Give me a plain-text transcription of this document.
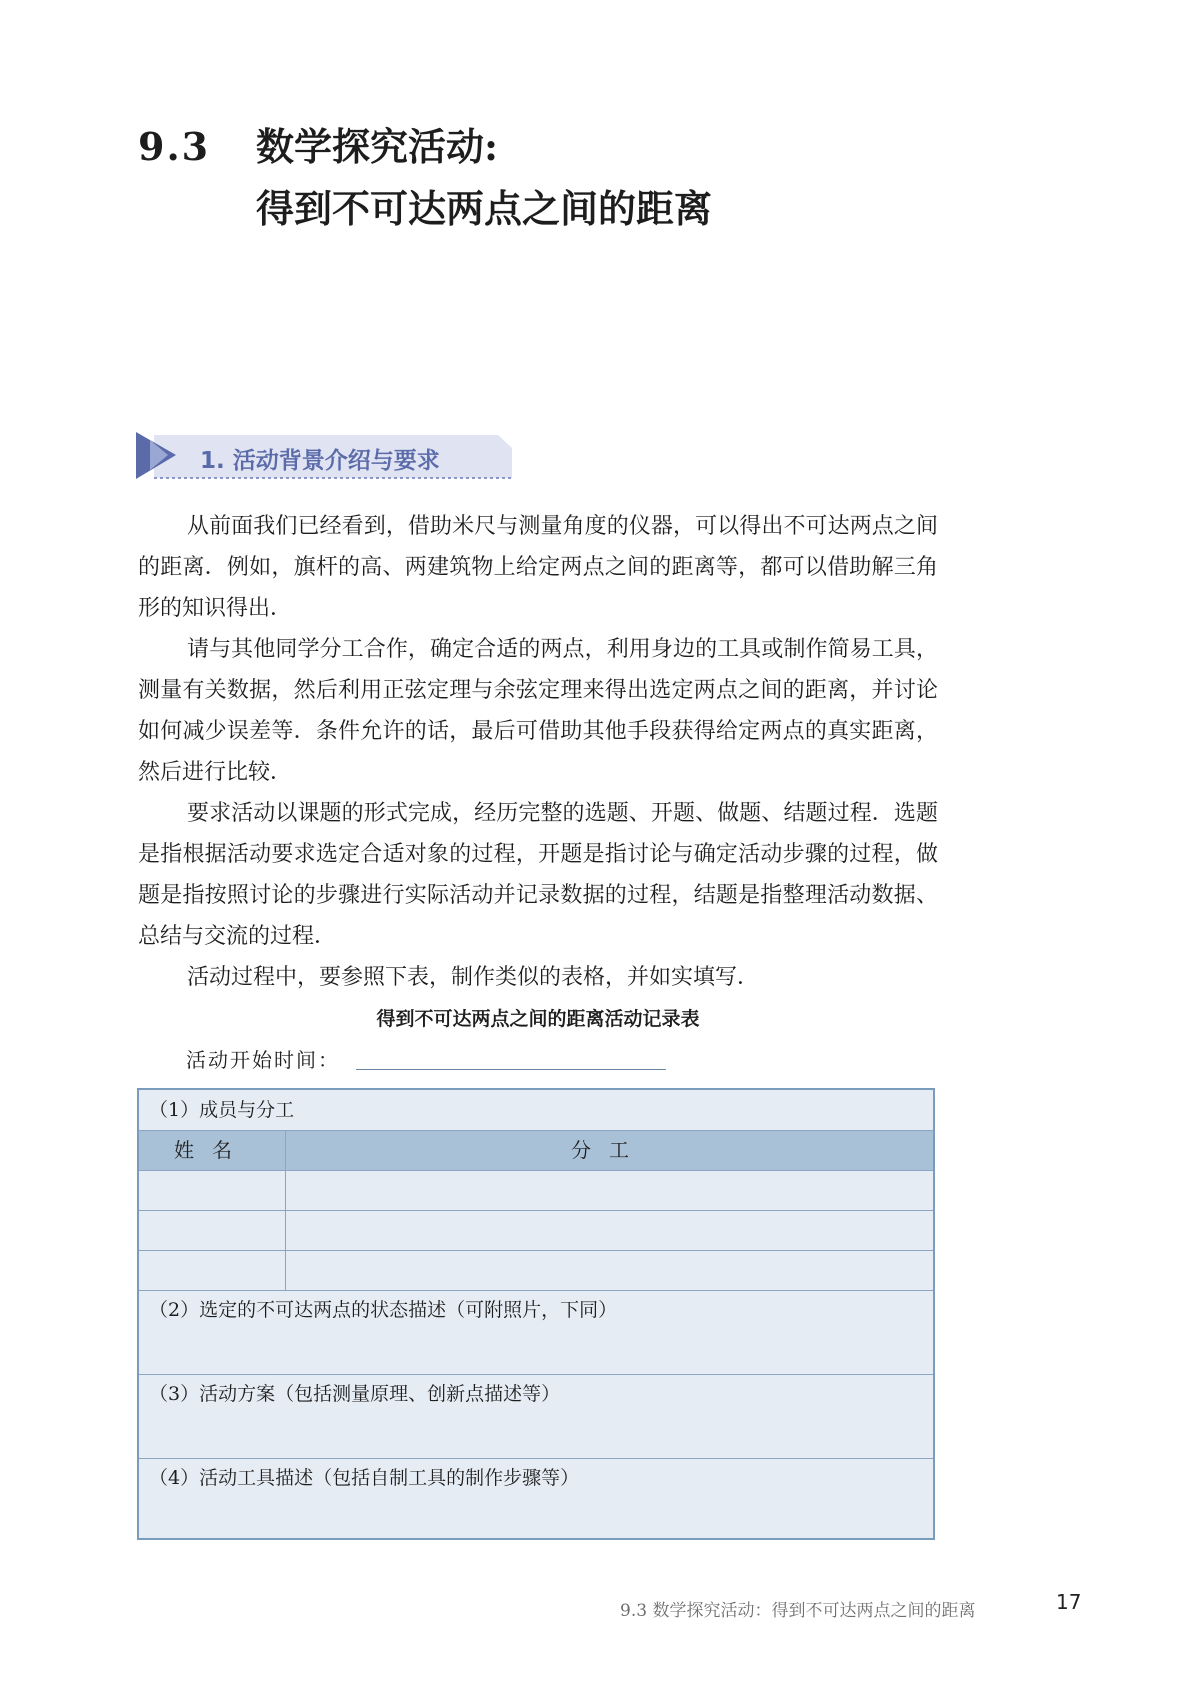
9.3 数学探究活动:
得到不可达两点之间的距离
1. 活动背景介绍与要求

从前面我们已经看到，借助米尺与测量角度的仪器，可以得出不可达两点之间的距离．例如，旗杆的高、两建筑物上给定两点之间的距离等，都可以借助解三角形的知识得出．

请与其他同学分工合作，确定合适的两点，利用身边的工具或制作简易工具，测量有关数据，然后利用正弦定理与余弦定理来得出选定两点之间的距离，并讨论如何减少误差等．条件允许的话，最后可借助其他手段获得给定两点的真实距离，然后进行比较．

要求活动以课题的形式完成，经历完整的选题、开题、做题、结题过程．选题是指根据活动要求选定合适对象的过程，开题是指讨论与确定活动步骤的过程，做题是指按照讨论的步骤进行实际活动并记录数据的过程，结题是指整理活动数据、总结与交流的过程．

活动过程中，要参照下表，制作类似的表格，并如实填写．

得到不可达两点之间的距离活动记录表
活动开始时间：
（1）成员与分工
姓名	分工
（2）选定的不可达两点的状态描述（可附照片，下同）
（3）活动方案（包括测量原理、创新点描述等）
（4）活动工具描述（包括自制工具的制作步骤等）
9.3 数学探究活动：得到不可达两点之间的距离	17
